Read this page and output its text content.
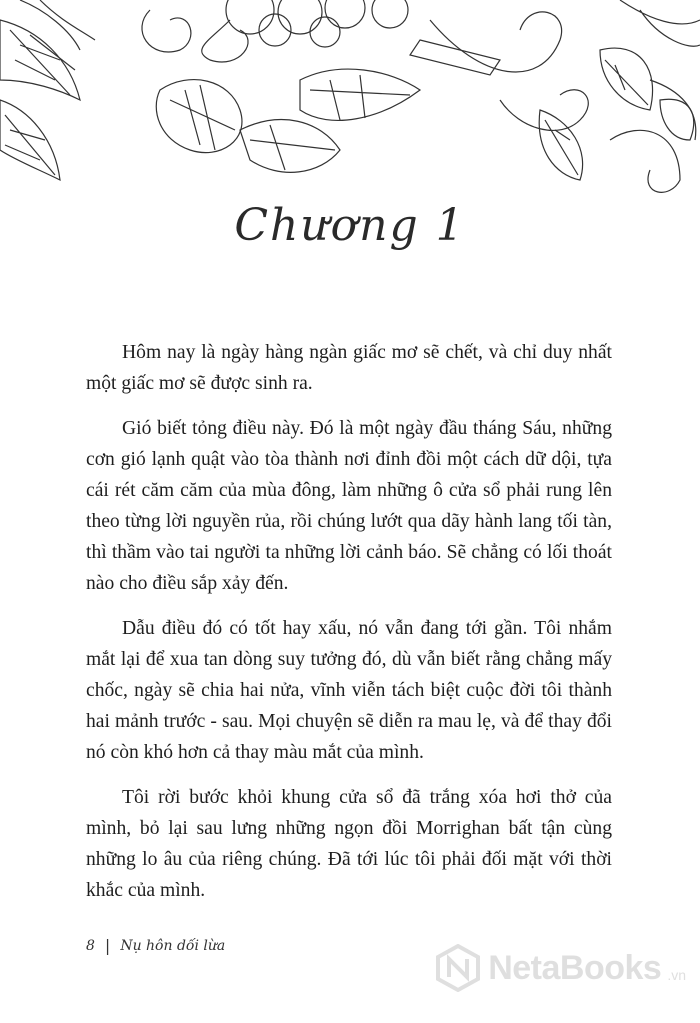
Chương 1

Hôm nay là ngày hàng ngàn giấc mơ sẽ chết, và chỉ duy nhất một giấc mơ sẽ được sinh ra.

Gió biết tỏng điều này. Đó là một ngày đầu tháng Sáu, những cơn gió lạnh quật vào tòa thành nơi đỉnh đồi một cách dữ dội, tựa cái rét căm căm của mùa đông, làm những ô cửa sổ phải rung lên theo từng lời nguyền rủa, rồi chúng lướt qua dãy hành lang tối tàn, thì thầm vào tai người ta những lời cảnh báo. Sẽ chẳng có lối thoát nào cho điều sắp xảy đến.

Dẫu điều đó có tốt hay xấu, nó vẫn đang tới gần. Tôi nhắm mắt lại để xua tan dòng suy tưởng đó, dù vẫn biết rằng chẳng mấy chốc, ngày sẽ chia hai nửa, vĩnh viễn tách biệt cuộc đời tôi thành hai mảnh trước - sau. Mọi chuyện sẽ diễn ra mau lẹ, và để thay đổi nó còn khó hơn cả thay màu mắt của mình.

Tôi rời bước khỏi khung cửa sổ đã trắng xóa hơi thở của mình, bỏ lại sau lưng những ngọn đồi Morrighan bất tận cùng những lo âu của riêng chúng. Đã tới lúc tôi phải đối mặt với thời khắc của mình.

8 | Nụ hôn dối lừa
NetaBooks .vn
